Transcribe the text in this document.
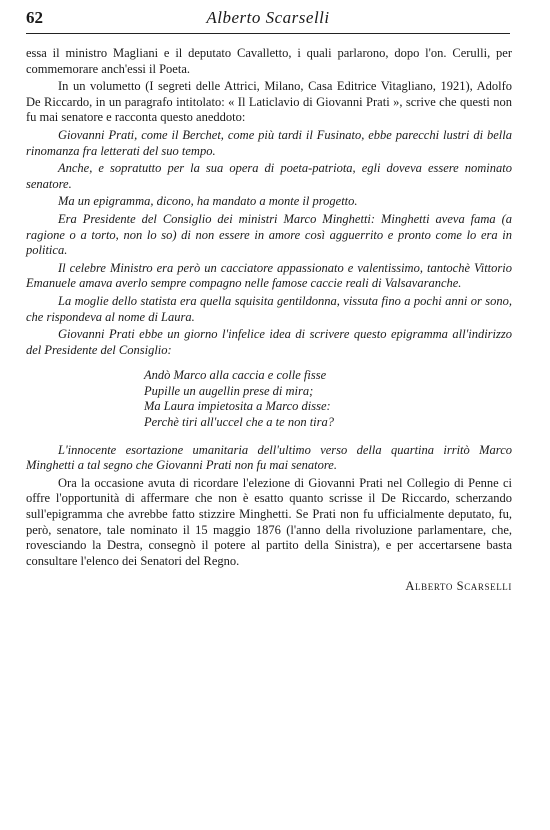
62	Alberto Scarselli

essa il ministro Magliani e il deputato Cavalletto, i quali parlarono, dopo l'on. Cerulli, per commemorare anch'essi il Poeta.

In un volumetto (I segreti delle Attrici, Milano, Casa Editrice Vitagliano, 1921), Adolfo De Riccardo, in un paragrafo intitolato: « Il Laticlavio di Giovanni Prati », scrive che questi non fu mai senatore e racconta questo aneddoto:

Giovanni Prati, come il Berchet, come più tardi il Fusinato, ebbe parecchi lustri di bella rinomanza fra letterati del suo tempo.

Anche, e sopratutto per la sua opera di poeta-patriota, egli doveva essere nominato senatore.

Ma un epigramma, dicono, ha mandato a monte il progetto.

Era Presidente del Consiglio dei ministri Marco Minghetti: Minghetti aveva fama (a ragione o a torto, non lo so) di non essere in amore così agguerrito e pronto come lo era in politica.

Il celebre Ministro era però un cacciatore appassionato e valentissimo, tantochè Vittorio Emanuele amava averlo sempre compagno nelle famose caccie reali di Valsavaranche.

La moglie dello statista era quella squisita gentildonna, vissuta fino a pochi anni or sono, che rispondeva al nome di Laura.

Giovanni Prati ebbe un giorno l'infelice idea di scrivere questo epigramma all'indirizzo del Presidente del Consiglio:

Andò Marco alla caccia e colle fisse
Pupille un augellin prese di mira;
Ma Laura impietosita a Marco disse:
Perchè tiri all'uccel che a te non tira?

L'innocente esortazione umanitaria dell'ultimo verso della quartina irritò Marco Minghetti a tal segno che Giovanni Prati non fu mai senatore.

Ora la occasione avuta di ricordare l'elezione di Giovanni Prati nel Collegio di Penne ci offre l'opportunità di affermare che non è esatto quanto scrisse il De Riccardo, scherzando sull'epigramma che avrebbe fatto stizzire Minghetti. Se Prati non fu ufficialmente deputato, fu, però, senatore, tale nominato il 15 maggio 1876 (l'anno della rivoluzione parlamentare, che, rovesciando la Destra, consegnò il potere al partito della Sinistra), e per accertarsene basta consultare l'elenco dei Senatori del Regno.

Alberto Scarselli
